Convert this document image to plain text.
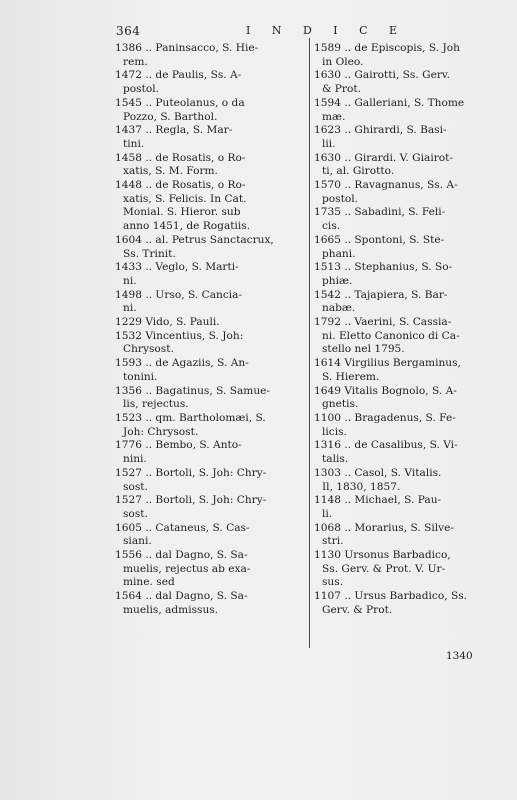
364	I N D I C E
1386 .. Paninsacco, S. Hie-
rem.
1472 .. de Paulis, Ss. A-
postol.
1545 .. Puteolanus, o da
Pozzo, S. Barthol.
1437 .. Regla, S. Mar-
tini.
1458 .. de Rosatis, o Ro-
xatis, S. M. Form.
1448 .. de Rosatis, o Ro-
xatis, S. Felicis. In Cat.
Monial. S. Hieror. sub
anno 1451, de Rogatiis.
1604 .. al. Petrus Sanctacrux,
Ss. Trinit.
1433 .. Veglo, S. Marti-
ni.
1498 .. Urso, S. Cancia-
ni.
1229 Vido, S. Pauli.
1532 Vincentius, S. Joh:
Chrysost.
1593 .. de Agaziis, S. An-
tonini.
1356 .. Bagatinus, S. Samue-
lis, rejectus.
1523 .. qm. Bartholomæi, S.
Joh: Chrysost.
1776 .. Bembo, S. Anto-
nini.
1527 .. Bortoli, S. Joh: Chry-
sost.
1527 .. Bortoli, S. Joh: Chry-
sost.
1605 .. Cataneus, S. Cas-
siani.
1556 .. dal Dagno, S. Sa-
muelis, rejectus ab exa-
mine. sed
1564 .. dal Dagno, S. Sa-
muelis, admissus.
1589 .. de Episcopis, S. Joh
in Oleo.
1630 .. Gairotti, Ss. Gerv.
& Prot.
1594 .. Galleriani, S. Thome
mæ.
1623 .. Ghirardi, S. Basi-
lii.
1630 .. Girardi. V. Giairot-
ti, al. Girotto.
1570 .. Ravagnanus, Ss. A-
postol.
1735 .. Sabadini, S. Feli-
cis.
1665 .. Spontoni, S. Ste-
phani.
1513 .. Stephanius, S. So-
phiæ.
1542 .. Tajapiera, S. Bar-
nabæ.
1792 .. Vaerini, S. Cassia-
ni. Eletto Canonico di Ca-
stello nel 1795.
1614 Virgilius Bergaminus,
S. Hierem.
1649 Vitalis Bognolo, S. A-
gnetis.
1100 .. Bragadenus, S. Fe-
licis.
1316 .. de Casalibus, S. Vi-
talis.
1303 .. Casol, S. Vitalis.
Il, 1830, 1857.
1148 .. Michael, S. Pau-
li.
1068 .. Morarius, S. Silve-
stri.
1130 Ursonus Barbadico,
Ss. Gerv. & Prot. V. Ur-
sus.
1107 .. Ursus Barbadico, Ss.
Gerv. & Prot.
1340
